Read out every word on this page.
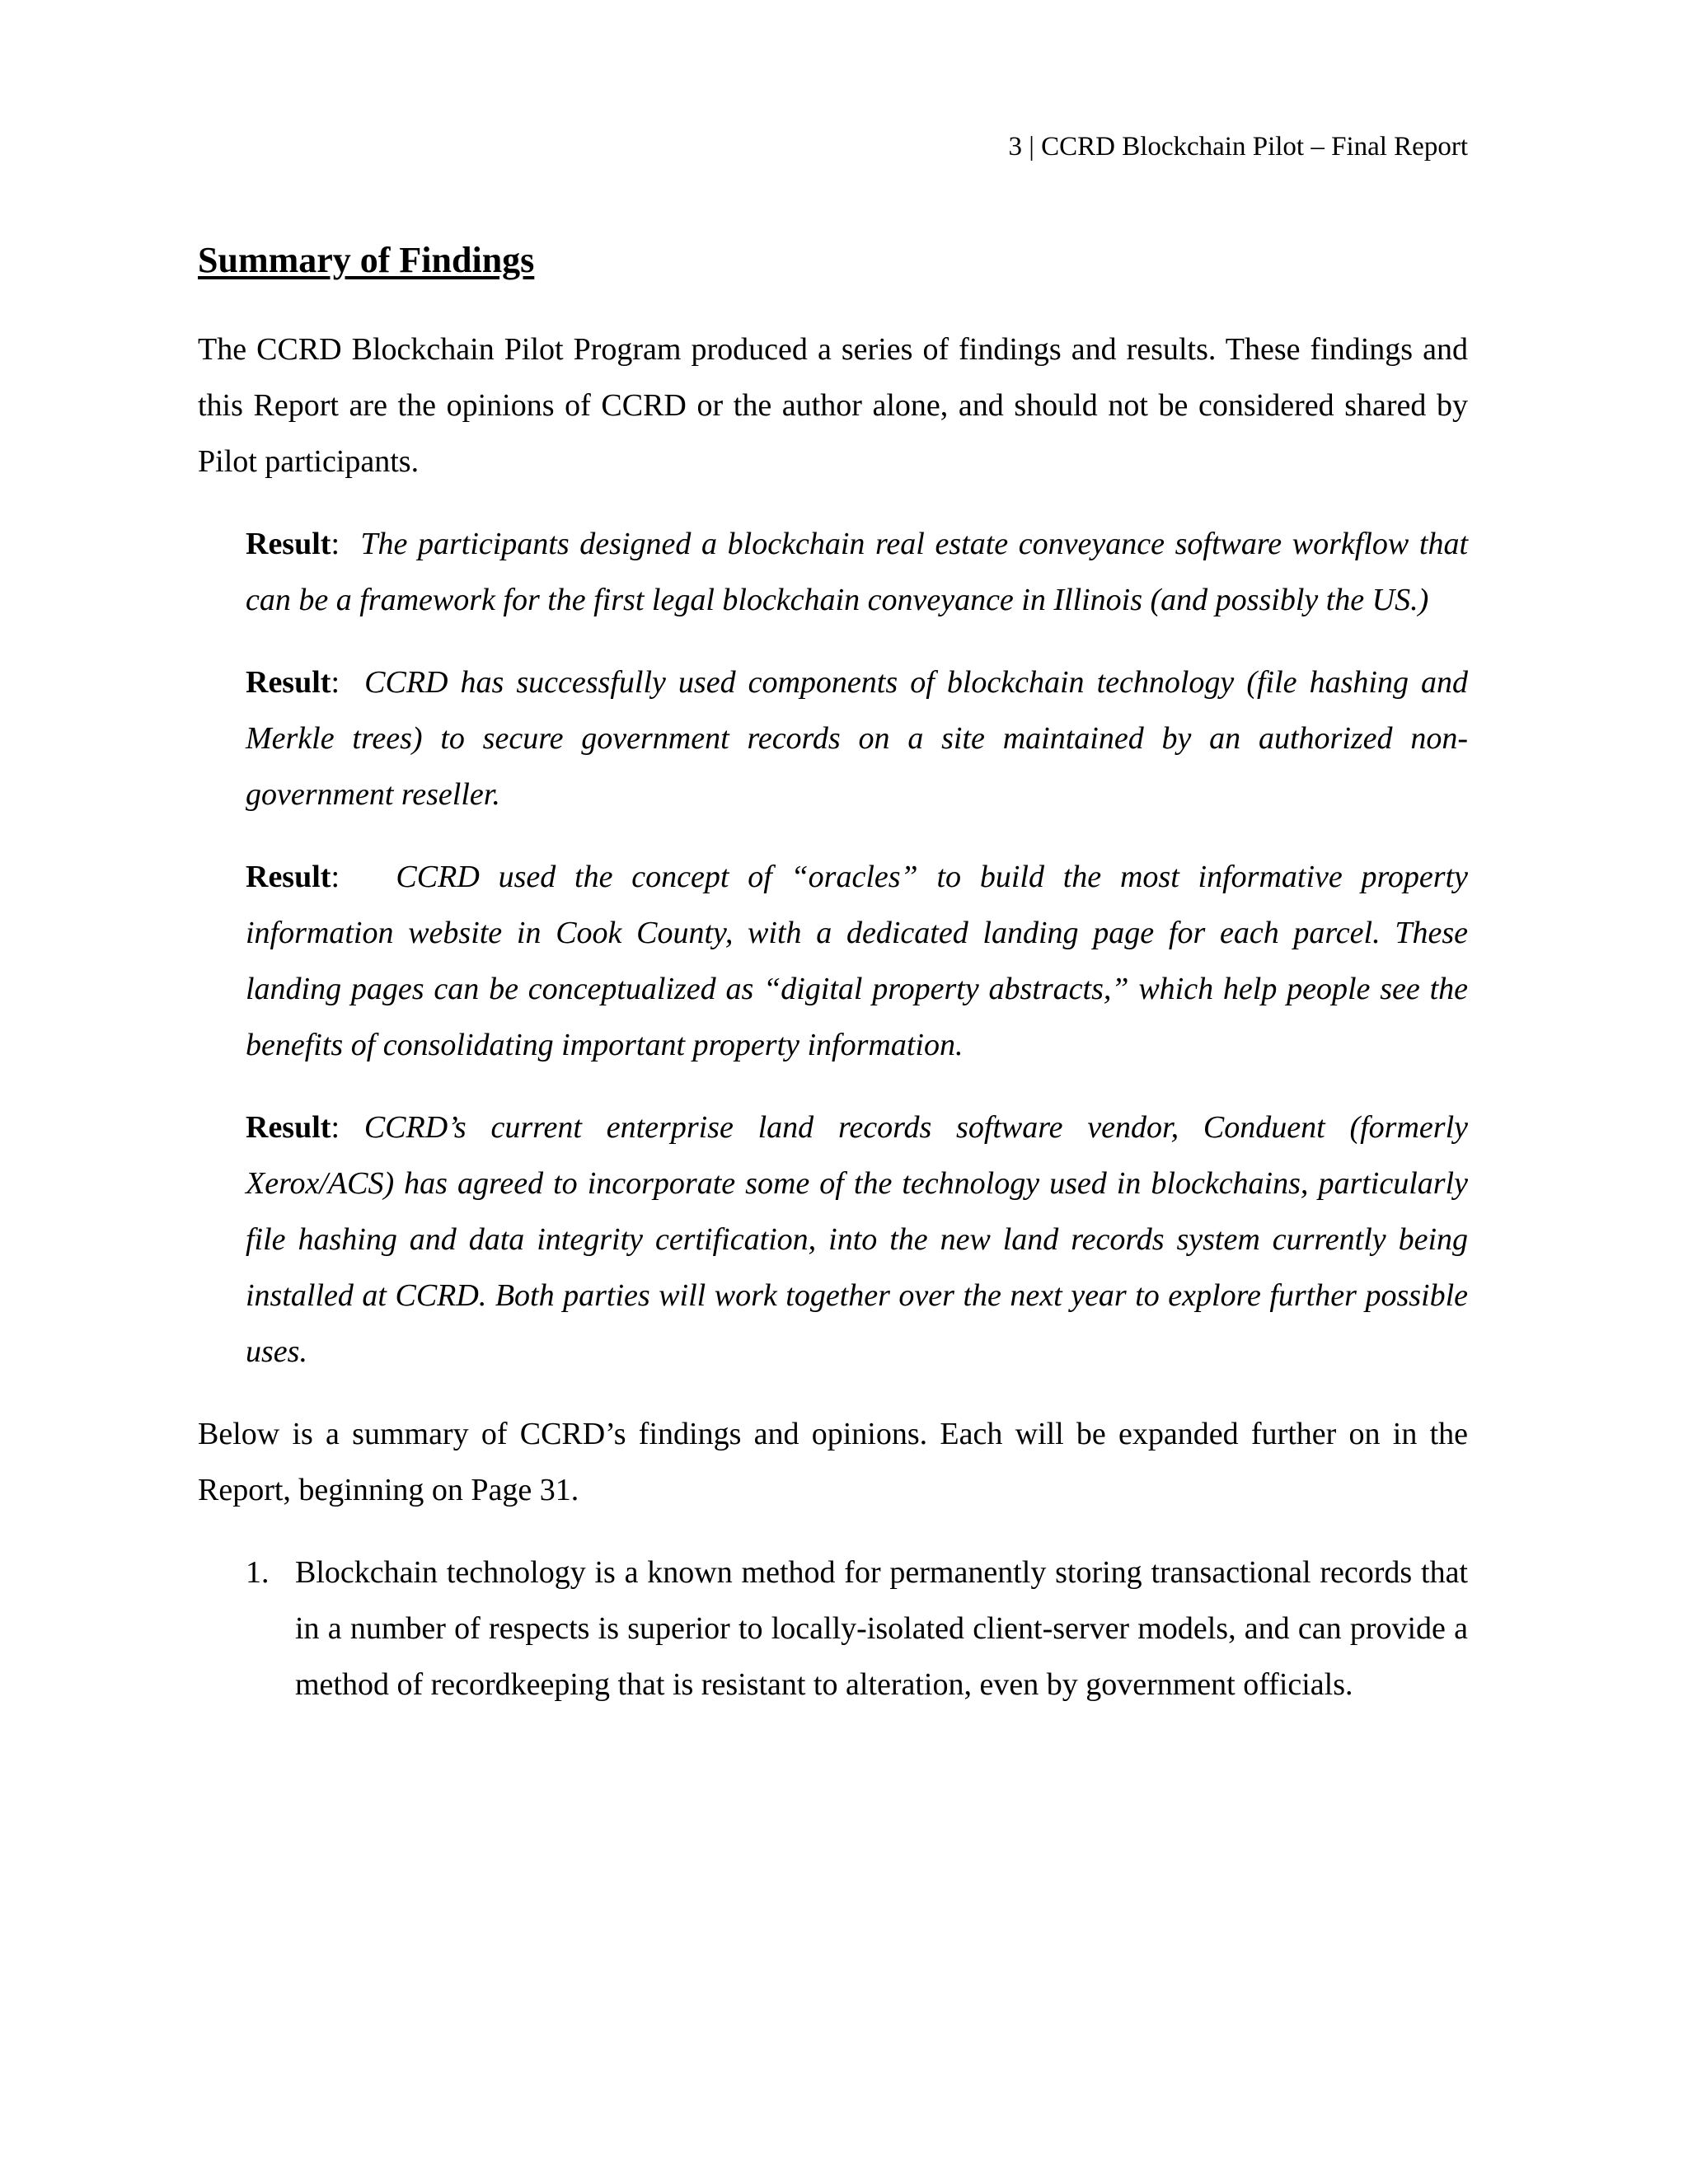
3 | CCRD Blockchain Pilot – Final Report
Summary of Findings

The CCRD Blockchain Pilot Program produced a series of findings and results. These findings and this Report are the opinions of CCRD or the author alone, and should not be considered shared by Pilot participants.

Result: The participants designed a blockchain real estate conveyance software workflow that can be a framework for the first legal blockchain conveyance in Illinois (and possibly the US.)

Result: CCRD has successfully used components of blockchain technology (file hashing and Merkle trees) to secure government records on a site maintained by an authorized non-government reseller.

Result: CCRD used the concept of “oracles” to build the most informative property information website in Cook County, with a dedicated landing page for each parcel. These landing pages can be conceptualized as “digital property abstracts,” which help people see the benefits of consolidating important property information.

Result: CCRD’s current enterprise land records software vendor, Conduent (formerly Xerox/ACS) has agreed to incorporate some of the technology used in blockchains, particularly file hashing and data integrity certification, into the new land records system currently being installed at CCRD. Both parties will work together over the next year to explore further possible uses.

Below is a summary of CCRD’s findings and opinions. Each will be expanded further on in the Report, beginning on Page 31.

1. Blockchain technology is a known method for permanently storing transactional records that in a number of respects is superior to locally-isolated client-server models, and can provide a method of recordkeeping that is resistant to alteration, even by government officials.
